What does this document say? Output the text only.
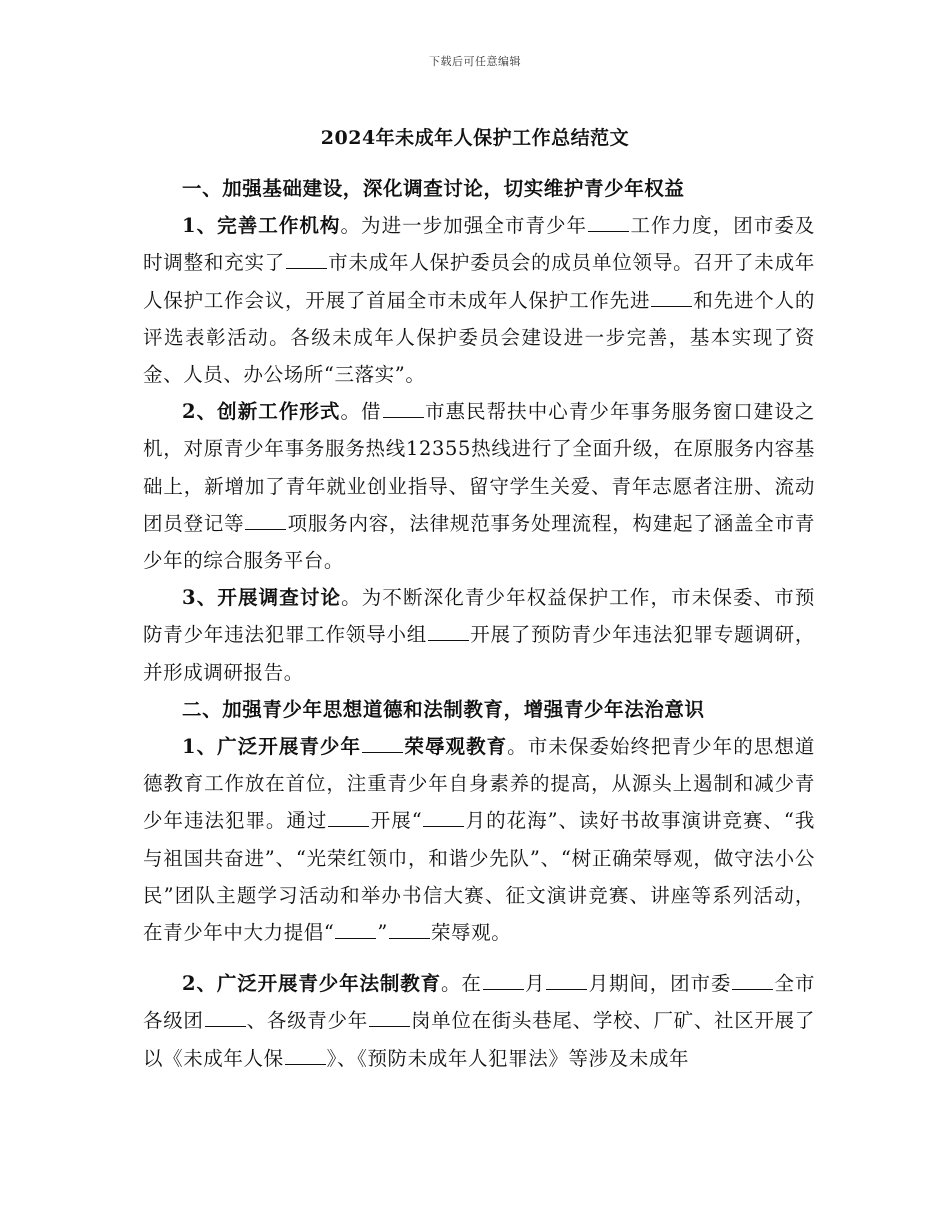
下载后可任意编辑
2024年未成年人保护工作总结范文

一、加强基础建设，深化调查讨论，切实维护青少年权益

1、完善工作机构。为进一步加强全市青少年 工作力度，团市委及时调整和充实了 市未成年人保护委员会的成员单位领导。召开了未成年人保护工作会议，开展了首届全市未成年人保护工作先进 和先进个人的评选表彰活动。各级未成年人保护委员会建设进一步完善，基本实现了资金、人员、办公场所“三落实”。

2、创新工作形式。借 市惠民帮扶中心青少年事务服务窗口建设之机，对原青少年事务服务热线12355热线进行了全面升级，在原服务内容基础上，新增加了青年就业创业指导、留守学生关爱、青年志愿者注册、流动团员登记等 项服务内容，法律规范事务处理流程，构建起了涵盖全市青少年的综合服务平台。

3、开展调查讨论。为不断深化青少年权益保护工作，市未保委、市预防青少年违法犯罪工作领导小组 开展了预防青少年违法犯罪专题调研，并形成调研报告。

二、加强青少年思想道德和法制教育，增强青少年法治意识

1、广泛开展青少年 荣辱观教育。市未保委始终把青少年的思想道德教育工作放在首位，注重青少年自身素养的提高，从源头上遏制和减少青少年违法犯罪。通过 开展“ 月的花海”、读好书故事演讲竞赛、“我与祖国共奋进”、“光荣红领巾，和谐少先队”、“树正确荣辱观，做守法小公民”团队主题学习活动和举办书信大赛、征文演讲竞赛、讲座等系列活动，在青少年中大力提倡“ ” 荣辱观。

2、广泛开展青少年法制教育。在 月 月期间，团市委 全市各级团 、各级青少年 岗单位在街头巷尾、学校、厂矿、社区开展了以《未成年人保 》、《预防未成年人犯罪法》等涉及未成年
